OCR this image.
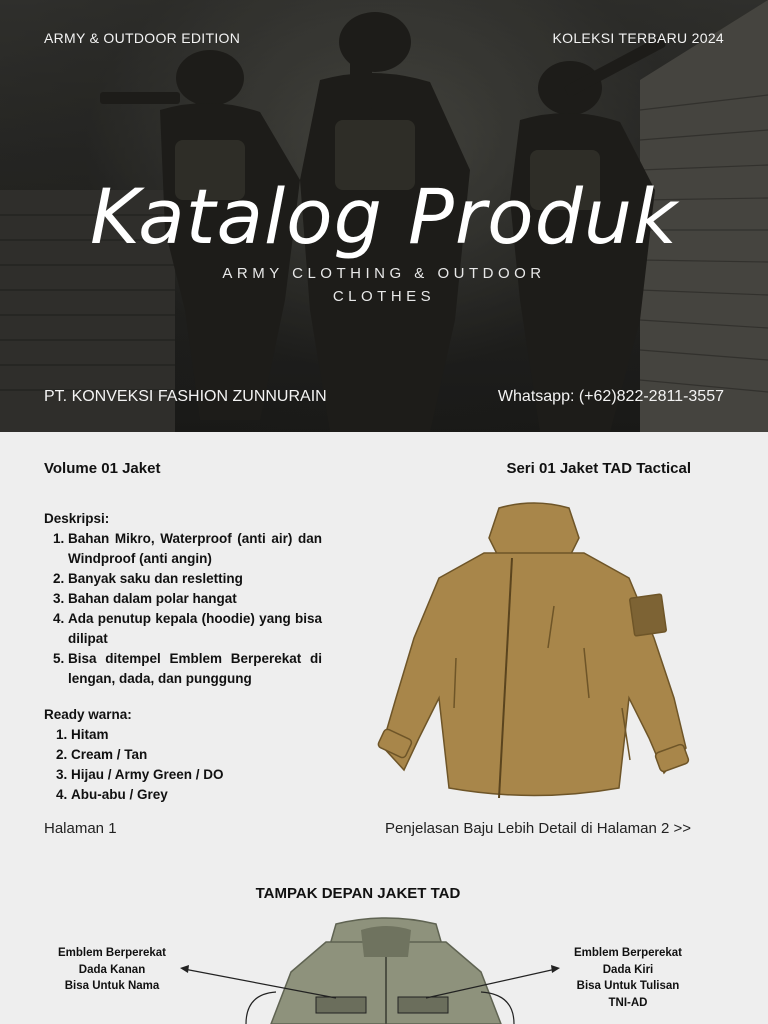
ARMY & OUTDOOR EDITION	KOLEKSI TERBARU 2024
Katalog Produk
ARMY CLOTHING & OUTDOOR
CLOTHES
PT. KONVEKSI FASHION ZUNNURAIN	Whatsapp: (+62)822-2811-3557
Volume 01 Jaket	Seri 01 Jaket TAD Tactical
Deskripsi:
1. Bahan Mikro, Waterproof (anti air) dan Windproof (anti angin)
2. Banyak saku dan resletting
3. Bahan dalam polar hangat
4. Ada penutup kepala (hoodie) yang bisa dilipat
5. Bisa ditempel Emblem Berperekat di lengan, dada, dan punggung
Ready warna:
1. Hitam
2. Cream / Tan
3. Hijau / Army Green / DO
4. Abu-abu / Grey
Halaman 1	Penjelasan Baju Lebih Detail di Halaman 2 >>
TAMPAK DEPAN JAKET TAD
Emblem Berperekat
Dada Kanan
Bisa Untuk Nama
Emblem Berperekat
Dada Kiri
Bisa Untuk Tulisan
TNI-AD
